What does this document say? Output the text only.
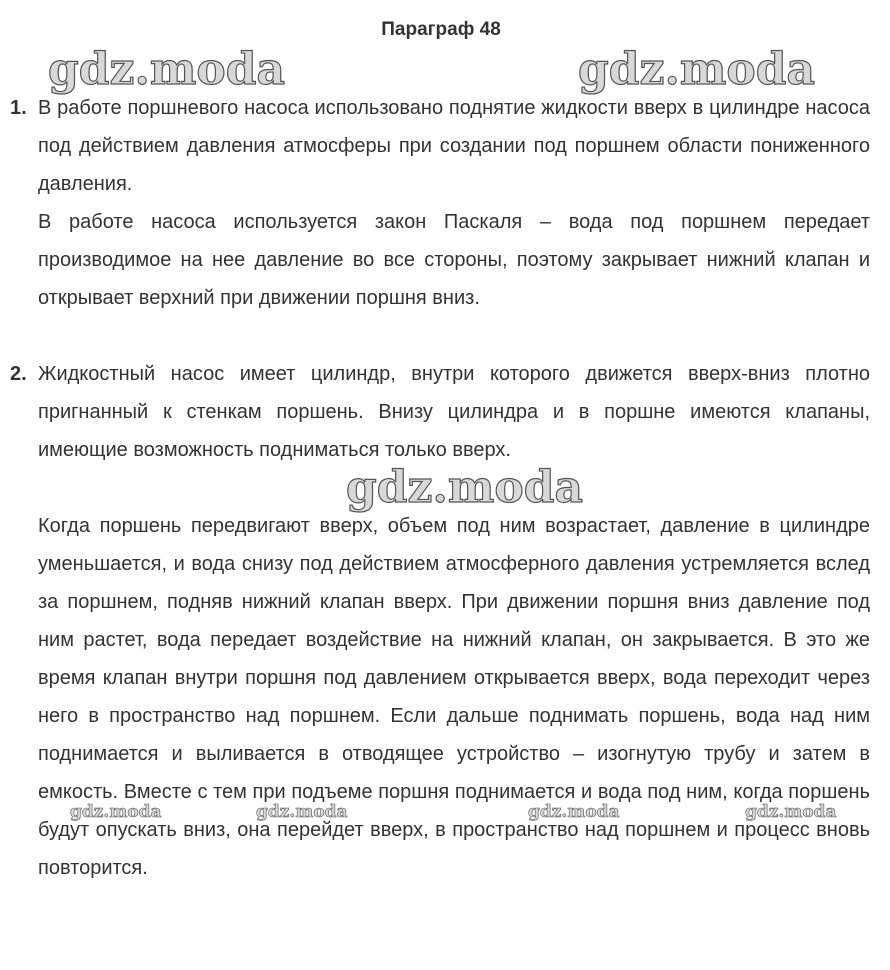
Параграф 48
1. В работе поршневого насоса использовано поднятие жидкости вверх в цилиндре насоса под действием давления атмосферы при создании под поршнем области пониженного давления.

В работе насоса используется закон Паскаля – вода под поршнем передает производимое на нее давление во все стороны, поэтому закрывает нижний клапан и открывает верхний при движении поршня вниз.

2. Жидкостный насос имеет цилиндр, внутри которого движется вверх-вниз плотно пригнанный к стенкам поршень. Внизу цилиндра и в поршне имеются клапаны, имеющие возможность подниматься только вверх.

Когда поршень передвигают вверх, объем под ним возрастает, давление в цилиндре уменьшается, и вода снизу под действием атмосферного давления устремляется вслед за поршнем, подняв нижний клапан вверх. При движении поршня вниз давление под ним растет, вода передает воздействие на нижний клапан, он закрывается. В это же время клапан внутри поршня под давлением открывается вверх, вода переходит через него в пространство над поршнем. Если дальше поднимать поршень, вода над ним поднимается и выливается в отводящее устройство – изогнутую трубу и затем в емкость. Вместе с тем при подъеме поршня поднимается и вода под ним, когда поршень будут опускать вниз, она перейдет вверх, в пространство над поршнем и процесс вновь повторится.

gdz.moda	gdz.moda
gdz.moda
gdz.moda	gdz.moda	gdz.moda	gdz.moda
